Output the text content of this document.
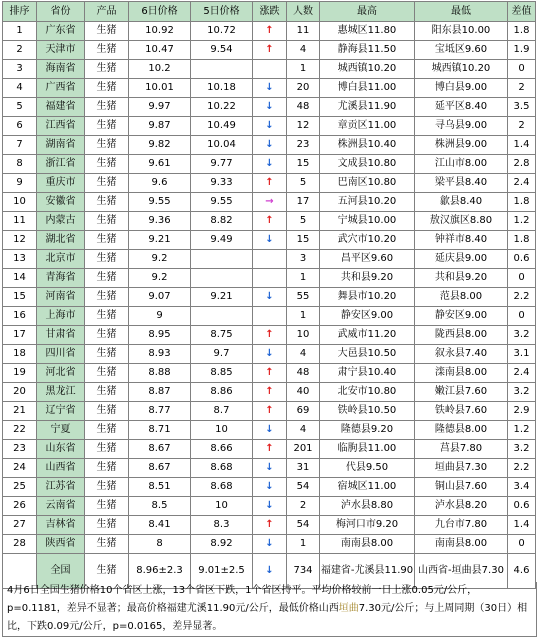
排序	省份	产品	6日价格	5日价格	涨跌	人数	最高	最低	差值
1	广东省	生猪	10.92	10.72	↑	11	惠城区11.80	阳东县10.00	1.8
2	天津市	生猪	10.47	9.54	↑	4	静海县11.50	宝坻区9.60	1.9
3	海南省	生猪	10.2			1	城西镇10.20	城西镇10.20	0
4	广西省	生猪	10.01	10.18	↓	20	博白县11.00	博白县9.00	2
5	福建省	生猪	9.97	10.22	↓	48	尤溪县11.90	延平区8.40	3.5
6	江西省	生猪	9.87	10.49	↓	12	章贡区11.00	寻乌县9.00	2
7	湖南省	生猪	9.82	10.04	↓	23	株洲县10.40	株洲县9.00	1.4
8	浙江省	生猪	9.61	9.77	↓	15	文成县10.80	江山市8.00	2.8
9	重庆市	生猪	9.6	9.33	↑	5	巴南区10.80	梁平县8.40	2.4
10	安徽省	生猪	9.55	9.55	→	17	五河县10.20	歙县8.40	1.8
11	内蒙古	生猪	9.36	8.82	↑	5	宁城县10.00	敖汉旗区8.80	1.2
12	湖北省	生猪	9.21	9.49	↓	15	武穴市10.20	钟祥市8.40	1.8
13	北京市	生猪	9.2			3	昌平区9.60	延庆县9.00	0.6
14	青海省	生猪	9.2			1	共和县9.20	共和县9.20	0
15	河南省	生猪	9.07	9.21	↓	55	舞县市10.20	范县8.00	2.2
16	上海市	生猪	9			1	静安区9.00	静安区9.00	0
17	甘肃省	生猪	8.95	8.75	↑	10	武威市11.20	陇西县8.00	3.2
18	四川省	生猪	8.93	9.7	↓	4	大邑县10.50	叙永县7.40	3.1
19	河北省	生猪	8.88	8.85	↑	48	肃宁县10.40	滦南县8.00	2.4
20	黑龙江	生猪	8.87	8.86	↑	40	北安市10.80	嫩江县7.60	3.2
21	辽宁省	生猪	8.77	8.7	↑	69	铁岭县10.50	铁岭县7.60	2.9
22	宁夏	生猪	8.71	10	↓	4	隆德县9.20	隆德县8.00	1.2
23	山东省	生猪	8.67	8.66	↑	201	临朐县11.00	莒县7.80	3.2
24	山西省	生猪	8.67	8.68	↓	31	代县9.50	垣曲县7.30	2.2
25	江苏省	生猪	8.51	8.68	↓	54	宿城区11.00	铜山县7.60	3.4
26	云南省	生猪	8.5	10	↓	2	泸水县8.80	泸水县8.20	0.6
27	吉林省	生猪	8.41	8.3	↑	54	梅河口市9.20	九台市7.80	1.4
28	陕西省	生猪	8	8.92	↓	1	南南县8.00	南南县8.00	0
	全国	生猪	8.96±2.3	9.01±2.5	↓	734	福建省-尤溪县11.90	山西省-垣曲县7.30	4.6
4月6日全国生猪价格10个省区上涨，13个省区下跌，1个省区持平。平均价格较前一日上涨0.05元/公斤，p=0.1181，差异不显著；最高价格福建尤溪11.90元/公斤，最低价格山西垣曲7.30元/公斤；与上周同期（30日）相比，下跌0.09元/公斤，p=0.0165，差异显著。
